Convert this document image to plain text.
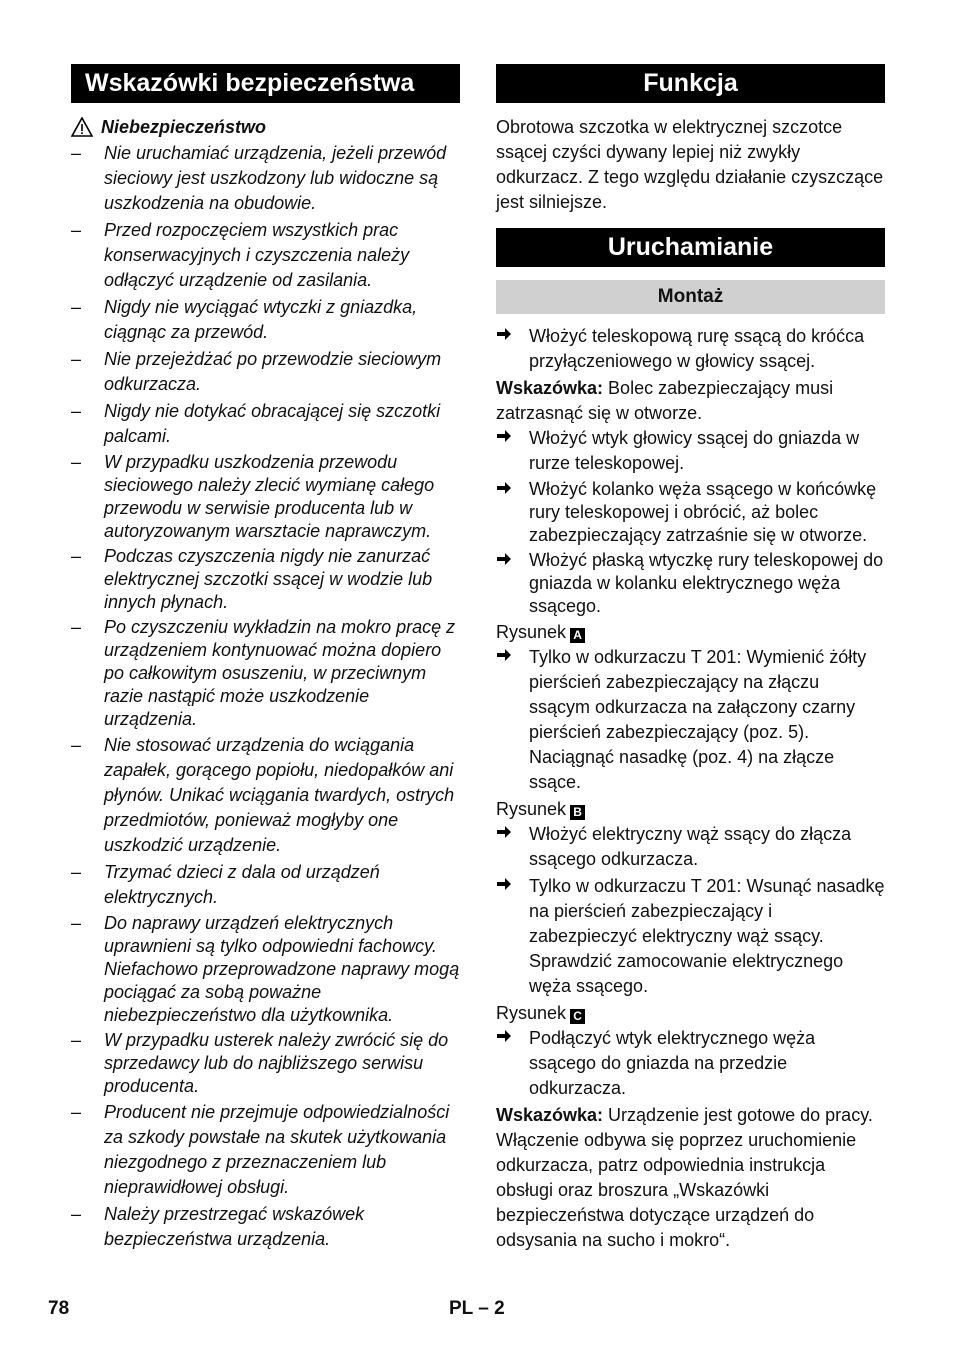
Wskazówki bezpieczeństwa
Niebezpieczeństwo
– Nie uruchamiać urządzenia, jeżeli przewód sieciowy jest uszkodzony lub widoczne są uszkodzenia na obudowie.
– Przed rozpoczęciem wszystkich prac konserwacyjnych i czyszczenia należy odłączyć urządzenie od zasilania.
– Nigdy nie wyciągać wtyczki z gniazdka, ciągnąc za przewód.
– Nie przejeżdżać po przewodzie sieciowym odkurzacza.
– Nigdy nie dotykać obracającej się szczotki palcami.
– W przypadku uszkodzenia przewodu sieciowego należy zlecić wymianę całego przewodu w serwisie producenta lub w autoryzowanym warsztacie naprawczym.
– Podczas czyszczenia nigdy nie zanurzać elektrycznej szczotki ssącej w wodzie lub innych płynach.
– Po czyszczeniu wykładzin na mokro pracę z urządzeniem kontynuować można dopiero po całkowitym osuszeniu, w przeciwnym razie nastąpić może uszkodzenie urządzenia.
– Nie stosować urządzenia do wciągania zapałek, gorącego popiołu, niedopałków ani płynów. Unikać wciągania twardych, ostrych przedmiotów, ponieważ mogłyby one uszkodzić urządzenie.
– Trzymać dzieci z dala od urządzeń elektrycznych.
– Do naprawy urządzeń elektrycznych uprawnieni są tylko odpowiedni fachowcy. Niefachowo przeprowadzone naprawy mogą pociągać za sobą poważne niebezpieczeństwo dla użytkownika.
– W przypadku usterek należy zwrócić się do sprzedawcy lub do najbliższego serwisu producenta.
– Producent nie przejmuje odpowiedzialności za szkody powstałe na skutek użytkowania niezgodnego z przeznaczeniem lub nieprawidłowej obsługi.
– Należy przestrzegać wskazówek bezpieczeństwa urządzenia.
Funkcja

Obrotowa szczotka w elektrycznej szczotce ssącej czyści dywany lepiej niż zwykły odkurzacz. Z tego względu działanie czyszczące jest silniejsze.

Uruchamianie
Montaż
Włożyć teleskopową rurę ssącą do króćca przyłączeniowego w głowicy ssącej.

Wskazówka: Bolec zabezpieczający musi zatrzasnąć się w otworze.

Włożyć wtyk głowicy ssącej do gniazda w rurze teleskopowej.
Włożyć kolanko węża ssącego w końcówkę rury teleskopowej i obrócić, aż bolec zabezpieczający zatrzaśnie się w otworze.
Włożyć płaską wtyczkę rury teleskopowej do gniazda w kolanku elektrycznego węża ssącego.
Rysunek A
Tylko w odkurzaczu T 201: Wymienić żółty pierścień zabezpieczający na złączu ssącym odkurzacza na załączony czarny pierścień zabezpieczający (poz. 5). Naciągnąć nasadkę (poz. 4) na złącze ssące.
Rysunek B
Włożyć elektryczny wąż ssący do złącza ssącego odkurzacza.
Tylko w odkurzaczu T 201: Wsunąć nasadkę na pierścień zabezpieczający i zabezpieczyć elektryczny wąż ssący. Sprawdzić zamocowanie elektrycznego węża ssącego.
Rysunek C
Podłączyć wtyk elektrycznego węża ssącego do gniazda na przedzie odkurzacza.

Wskazówka: Urządzenie jest gotowe do pracy. Włączenie odbywa się poprzez uruchomienie odkurzacza, patrz odpowiednia instrukcja obsługi oraz broszura „Wskazówki bezpieczeństwa dotyczące urządzeń do odsysania na sucho i mokro“.

78	PL – 2
